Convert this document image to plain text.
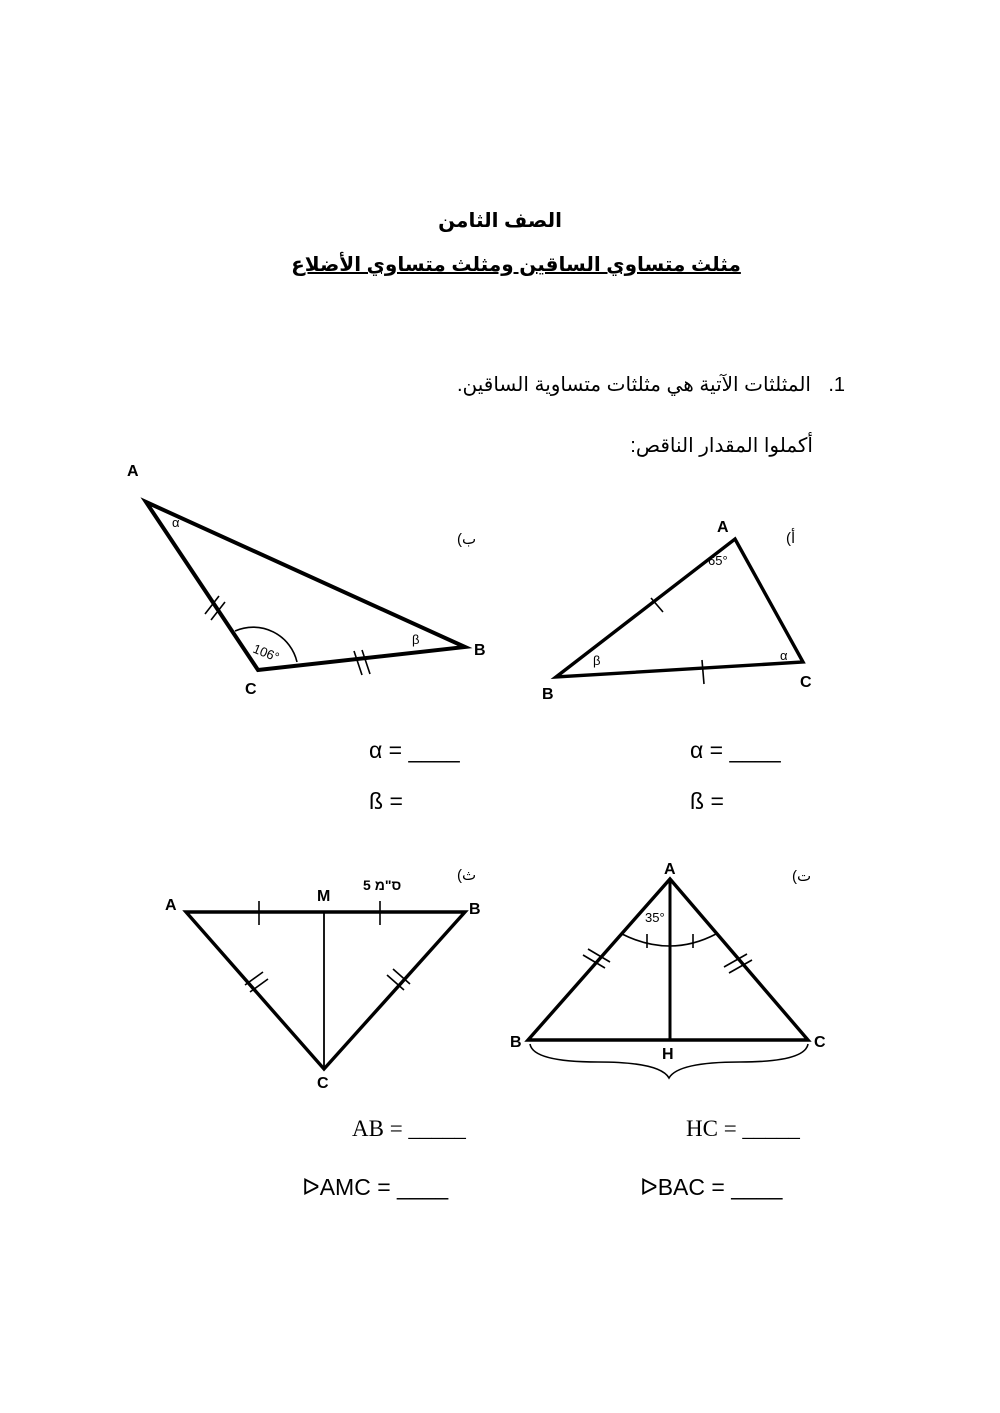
الصف الثامن
مثلث متساوي الساقين ومثلث متساوي الأضلاع
1.المثلثات الآتية هي مثلثات متساوية الساقين.
أكملوا المقدار الناقص:
أ)
ب)
ت)
ث)
A
B
C
α
β
106°
A
B
C
65°
α
β
A	B
C
M
5 ס"מ
A
B	C
H
35°
α = ____
ß =
α = ____
ß =
HC = _____
ᐅBAC = ____
AB = _____
ᐅAMC = ____
